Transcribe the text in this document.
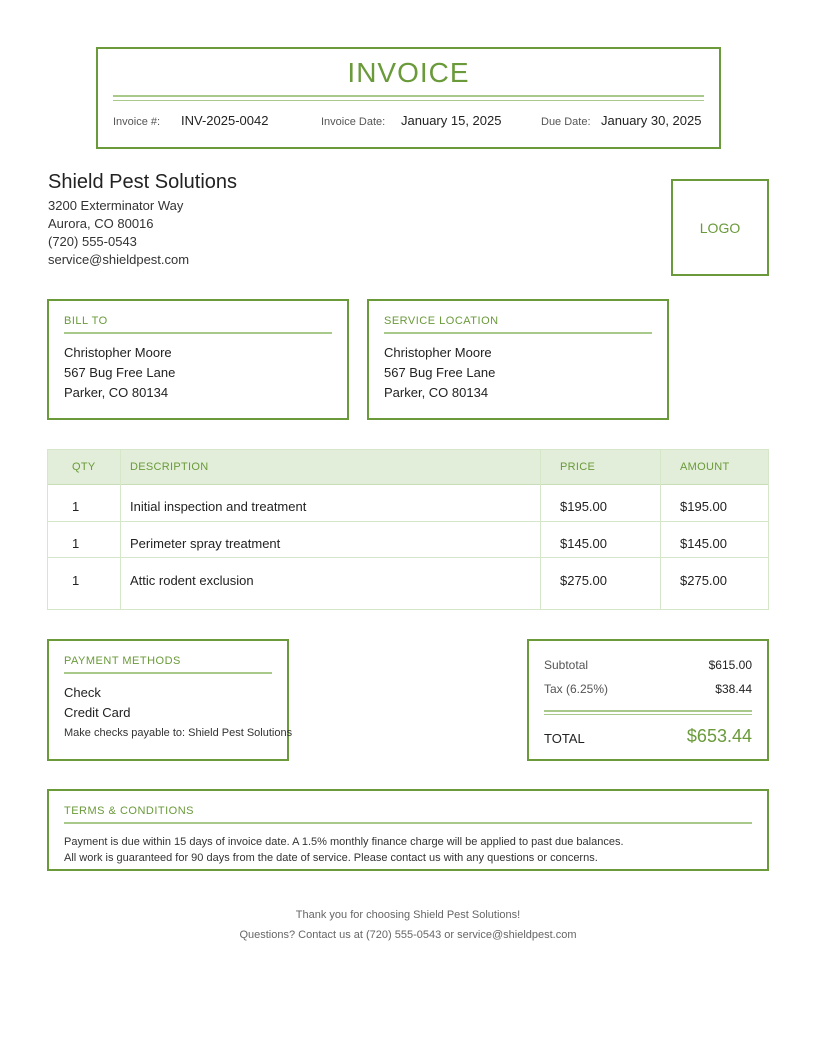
INVOICE
Invoice #: INV-2025-0042	Invoice Date: January 15, 2025	Due Date: January 30, 2025
Shield Pest Solutions
3200 Exterminator Way
Aurora, CO 80016
(720) 555-0543
service@shieldpest.com
LOGO
BILL TO
Christopher Moore
567 Bug Free Lane
Parker, CO 80134
SERVICE LOCATION
Christopher Moore
567 Bug Free Lane
Parker, CO 80134
QTY	DESCRIPTION	PRICE	AMOUNT
1	Initial inspection and treatment	$195.00	$195.00
1	Perimeter spray treatment	$145.00	$145.00
1	Attic rodent exclusion	$275.00	$275.00
PAYMENT METHODS
Check
Credit Card
Make checks payable to: Shield Pest Solutions
Subtotal	$615.00
Tax (6.25%)	$38.44
TOTAL	$653.44
TERMS & CONDITIONS
Payment is due within 15 days of invoice date. A 1.5% monthly finance charge will be applied to past due balances.
All work is guaranteed for 90 days from the date of service. Please contact us with any questions or concerns.
Thank you for choosing Shield Pest Solutions!
Questions? Contact us at (720) 555-0543 or service@shieldpest.com
